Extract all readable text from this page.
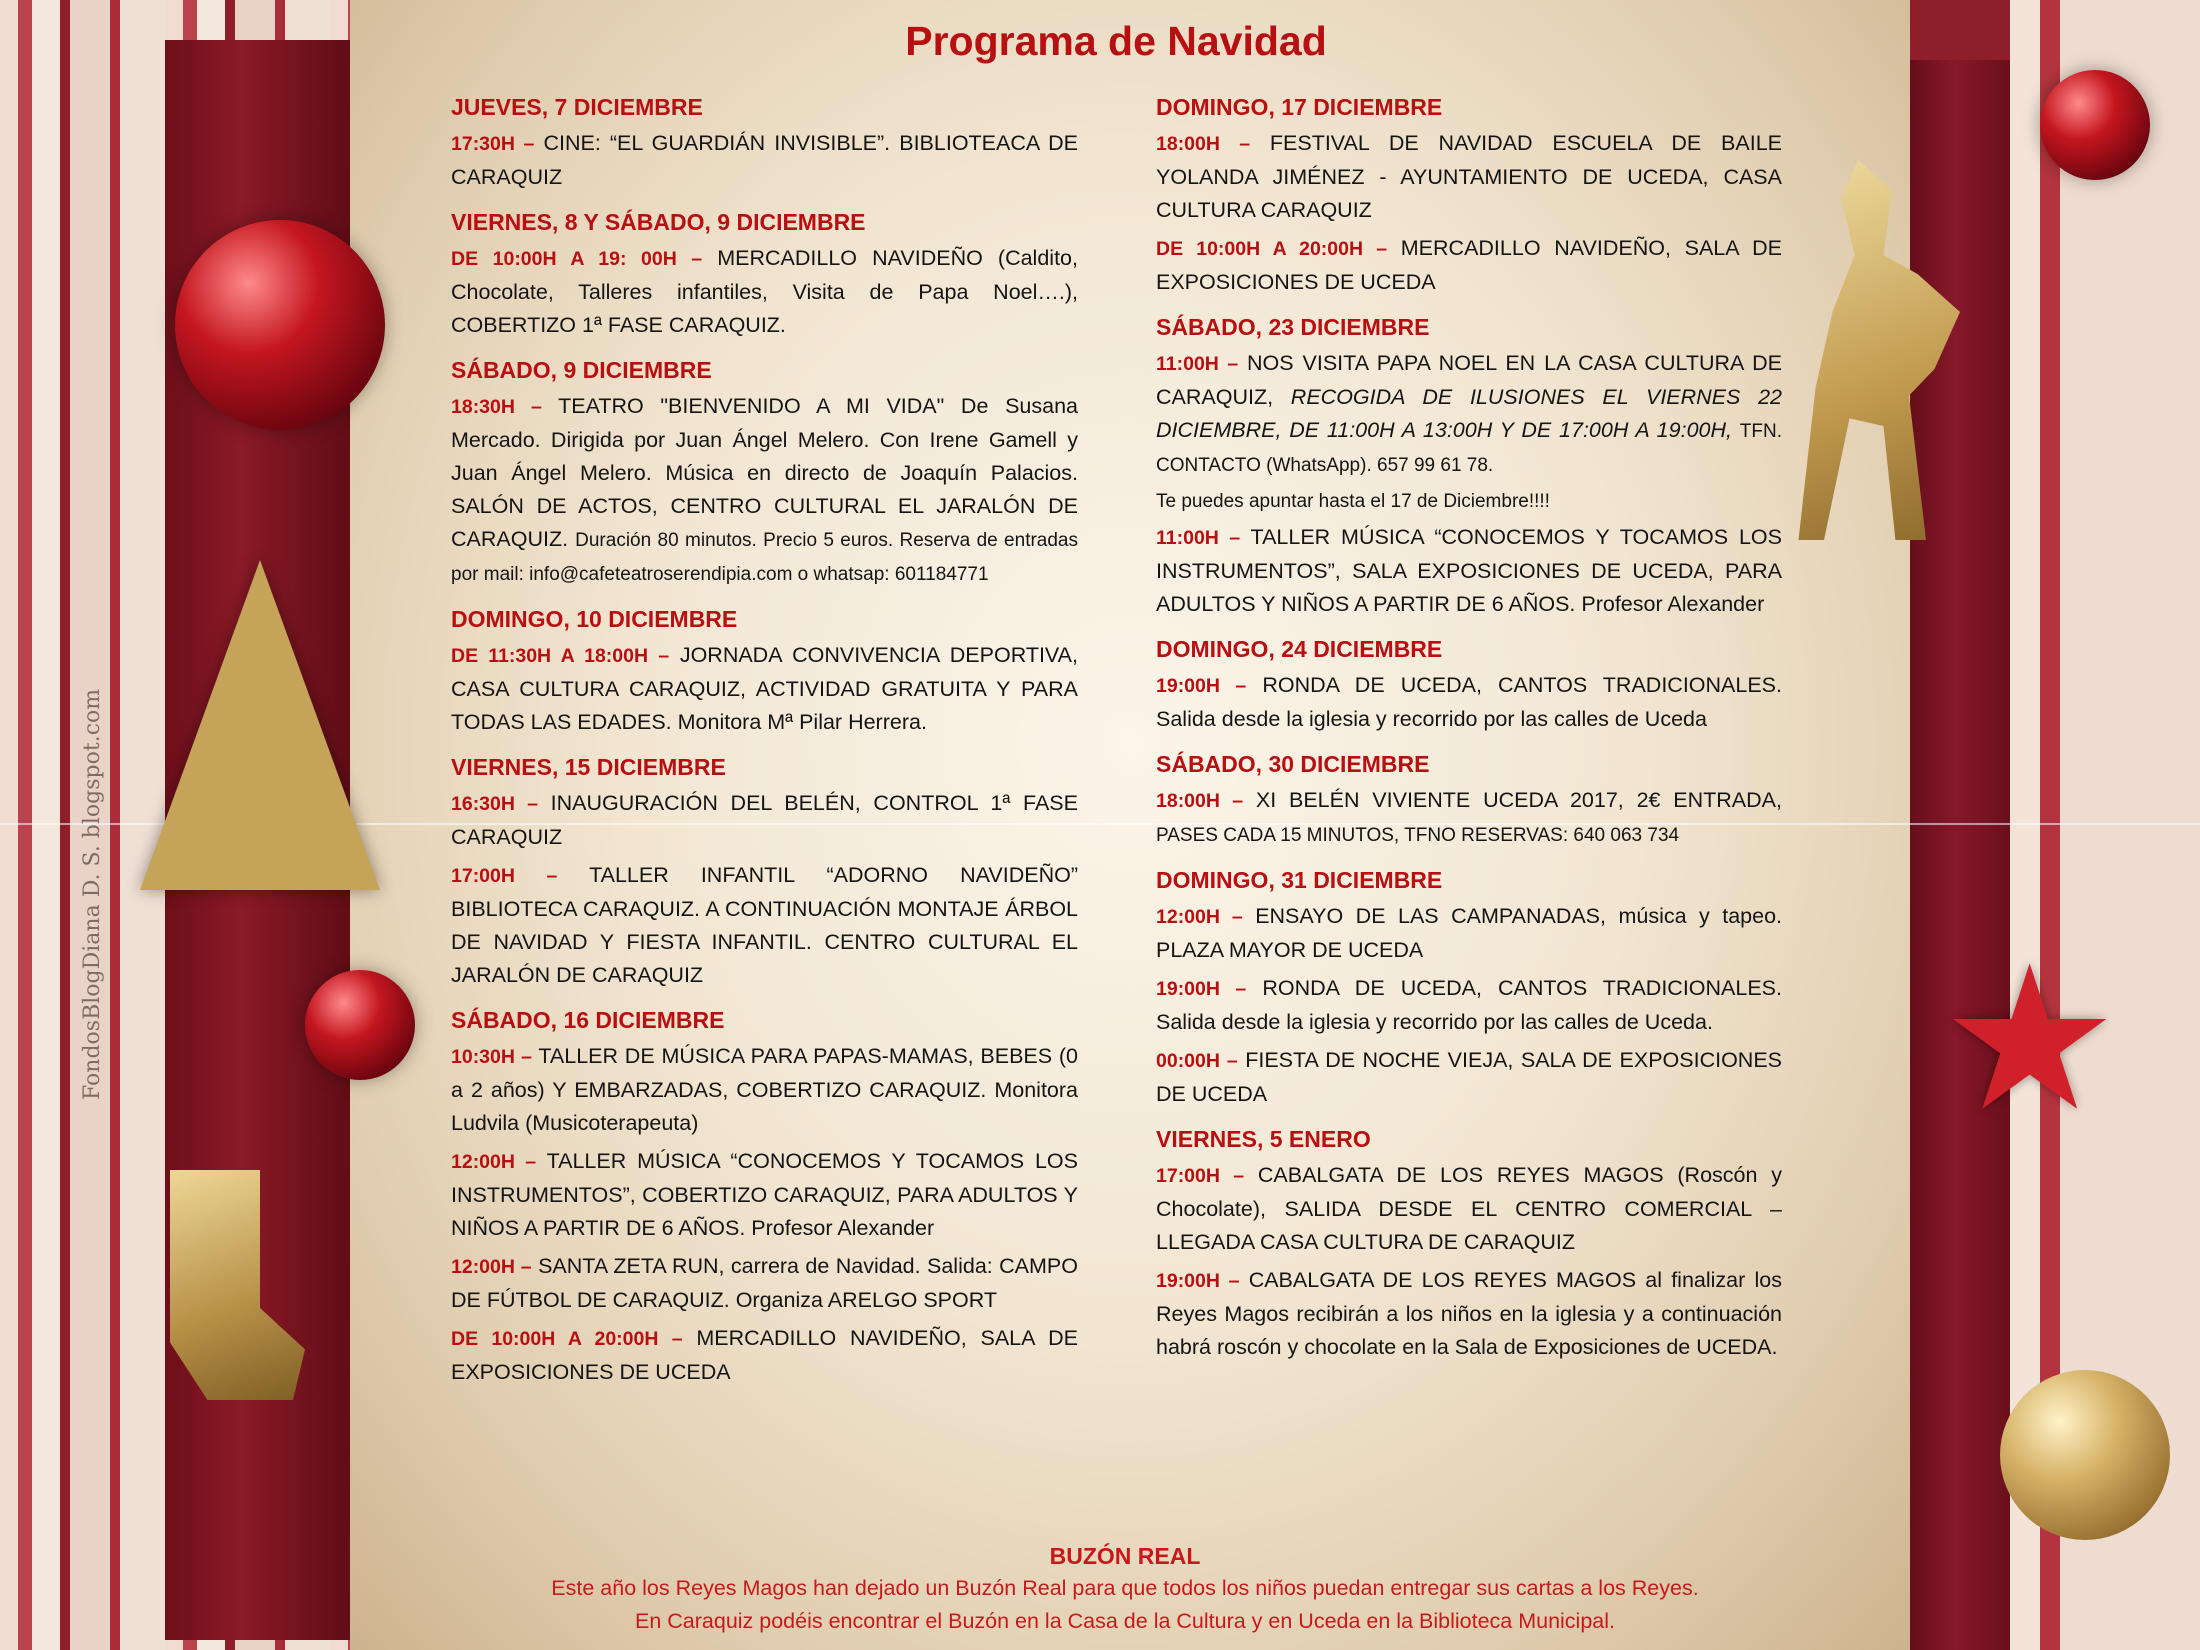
★
FondosBlogDiana D. S. blogspot.com
Programa de Navidad
JUEVES, 7 DICIEMBRE
17:30H – CINE: “EL GUARDIÁN INVISIBLE”. BIBLIOTEACA DE CARAQUIZ
VIERNES, 8 Y SÁBADO, 9 DICIEMBRE
DE 10:00H A 19: 00H – MERCADILLO NAVIDEÑO (Caldito, Chocolate, Talleres infantiles, Visita de Papa Noel….), COBERTIZO 1ª FASE CARAQUIZ.
SÁBADO, 9 DICIEMBRE
18:30H – TEATRO "BIENVENIDO A MI VIDA" De Susana Mercado. Dirigida por Juan Ángel Melero. Con Irene Gamell y Juan Ángel Melero. Música en directo de Joaquín Palacios. SALÓN DE ACTOS, CENTRO CULTURAL EL JARALÓN DE CARAQUIZ. Duración 80 minutos. Precio 5 euros. Reserva de entradas por mail: info@cafeteatroserendipia.com o whatsap: 601184771
DOMINGO, 10 DICIEMBRE
DE 11:30H A 18:00H – JORNADA CONVIVENCIA DEPORTIVA, CASA CULTURA CARAQUIZ, ACTIVIDAD GRATUITA Y PARA TODAS LAS EDADES. Monitora Mª Pilar Herrera.
VIERNES, 15 DICIEMBRE
16:30H – INAUGURACIÓN DEL BELÉN, CONTROL 1ª FASE CARAQUIZ
17:00H – TALLER INFANTIL “ADORNO NAVIDEÑO” BIBLIOTECA CARAQUIZ. A CONTINUACIÓN MONTAJE ÁRBOL DE NAVIDAD Y FIESTA INFANTIL. CENTRO CULTURAL EL JARALÓN DE CARAQUIZ
SÁBADO, 16 DICIEMBRE
10:30H – TALLER DE MÚSICA PARA PAPAS-MAMAS, BEBES (0 a 2 años) Y EMBARZADAS, COBERTIZO CARAQUIZ. Monitora Ludvila (Musicoterapeuta)
12:00H – TALLER MÚSICA “CONOCEMOS Y TOCAMOS LOS INSTRUMENTOS”, COBERTIZO CARAQUIZ, PARA ADULTOS Y NIÑOS A PARTIR DE 6 AÑOS. Profesor Alexander
12:00H – SANTA ZETA RUN, carrera de Navidad. Salida: CAMPO DE FÚTBOL DE CARAQUIZ. Organiza ARELGO SPORT
DE 10:00H A 20:00H – MERCADILLO NAVIDEÑO, SALA DE EXPOSICIONES DE UCEDA
DOMINGO, 17 DICIEMBRE
18:00H – FESTIVAL DE NAVIDAD ESCUELA DE BAILE YOLANDA JIMÉNEZ - AYUNTAMIENTO DE UCEDA, CASA CULTURA CARAQUIZ
DE 10:00H A 20:00H – MERCADILLO NAVIDEÑO, SALA DE EXPOSICIONES DE UCEDA
SÁBADO, 23 DICIEMBRE
11:00H – NOS VISITA PAPA NOEL EN LA CASA CULTURA DE CARAQUIZ, RECOGIDA DE ILUSIONES EL VIERNES 22 DICIEMBRE, DE 11:00H A 13:00H Y DE 17:00H A 19:00H, TFN. CONTACTO (WhatsApp). 657 99 61 78.
Te puedes apuntar hasta el 17 de Diciembre!!!!
11:00H – TALLER MÚSICA “CONOCEMOS Y TOCAMOS LOS INSTRUMENTOS”, SALA EXPOSICIONES DE UCEDA, PARA ADULTOS Y NIÑOS A PARTIR DE 6 AÑOS. Profesor Alexander
DOMINGO, 24 DICIEMBRE
19:00H – RONDA DE UCEDA, CANTOS TRADICIONALES. Salida desde la iglesia y recorrido por las calles de Uceda
SÁBADO, 30 DICIEMBRE
18:00H – XI BELÉN VIVIENTE UCEDA 2017, 2€ ENTRADA, PASES CADA 15 MINUTOS, TFNO RESERVAS: 640 063 734
DOMINGO, 31 DICIEMBRE
12:00H – ENSAYO DE LAS CAMPANADAS, música y tapeo. PLAZA MAYOR DE UCEDA
19:00H – RONDA DE UCEDA, CANTOS TRADICIONALES. Salida desde la iglesia y recorrido por las calles de Uceda.
00:00H – FIESTA DE NOCHE VIEJA, SALA DE EXPOSICIONES DE UCEDA
VIERNES, 5 ENERO
17:00H – CABALGATA DE LOS REYES MAGOS (Roscón y Chocolate), SALIDA DESDE EL CENTRO COMERCIAL – LLEGADA CASA CULTURA DE CARAQUIZ
19:00H – CABALGATA DE LOS REYES MAGOS al finalizar los Reyes Magos recibirán a los niños en la iglesia y a continuación habrá roscón y chocolate en la Sala de Exposiciones de UCEDA.
BUZÓN REAL
Este año los Reyes Magos han dejado un Buzón Real para que todos los niños puedan entregar sus cartas a los Reyes.
En Caraquiz podéis encontrar el Buzón en la Casa de la Cultura y en Uceda en la Biblioteca Municipal.
